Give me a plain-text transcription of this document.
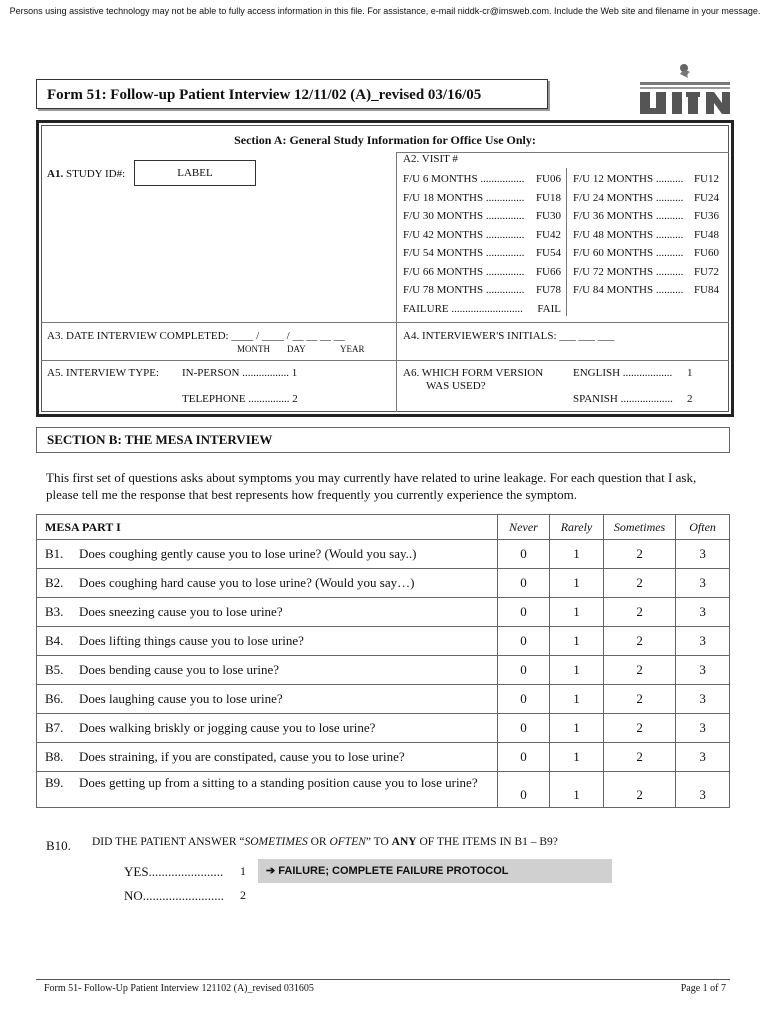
Persons using assistive technology may not be able to fully access information in this file. For assistance, e-mail niddk-cr@imsweb.com. Include the Web site and filename in your message.
Form 51: Follow-up Patient Interview 12/11/02 (A)_revised 03/16/05
Section A: General Study Information for Office Use Only:
A1. STUDY ID#:	LABEL
A2. VISIT #
F/U 6 MONTHS ................ FU06
F/U 18 MONTHS .............. FU18
F/U 30 MONTHS .............. FU30
F/U 42 MONTHS .............. FU42
F/U 54 MONTHS .............. FU54
F/U 66 MONTHS .............. FU66
F/U 78 MONTHS .............. FU78
FAILURE .......................... FAIL
F/U 12 MONTHS .......... FU12
F/U 24 MONTHS .......... FU24
F/U 36 MONTHS .......... FU36
F/U 48 MONTHS .......... FU48
F/U 60 MONTHS .......... FU60
F/U 72 MONTHS .......... FU72
F/U 84 MONTHS .......... FU84
A3. DATE INTERVIEW COMPLETED: ____ / ____ / __ __ __ __
MONTH DAY	YEAR
A4. INTERVIEWER'S INITIALS: ___ ___ ___
A5. INTERVIEW TYPE: IN-PERSON ................. 1
TELEPHONE ............... 2
A6. WHICH FORM VERSION
WAS USED?
ENGLISH .................. 1
SPANISH ................... 2
SECTION B: THE MESA INTERVIEW
This first set of questions asks about symptoms you may currently have related to urine leakage. For each question that I ask, please tell me the response that best represents how frequently you currently experience the symptom.
MESA PART I	Never	Rarely	Sometimes	Often
B1. Does coughing gently cause you to lose urine? (Would you say..)	0	1	2	3
B2. Does coughing hard cause you to lose urine? (Would you say…)	0	1	2	3
B3. Does sneezing cause you to lose urine?	0	1	2	3
B4. Does lifting things cause you to lose urine?	0	1	2	3
B5. Does bending cause you to lose urine?	0	1	2	3
B6. Does laughing cause you to lose urine?	0	1	2	3
B7. Does walking briskly or jogging cause you to lose urine?	0	1	2	3
B8. Does straining, if you are constipated, cause you to lose urine?	0	1	2	3
B9. Does getting up from a sitting to a standing position cause you to lose urine?	0	1	2	3
B10. DID THE PATIENT ANSWER “SOMETIMES OR OFTEN” TO ANY OF THE ITEMS IN B1 – B9?
YES....................... 1
NO......................... 2
➔ FAILURE; COMPLETE FAILURE PROTOCOL
Form 51- Follow-Up Patient Interview 121102 (A)_revised 031605	Page 1 of 7
